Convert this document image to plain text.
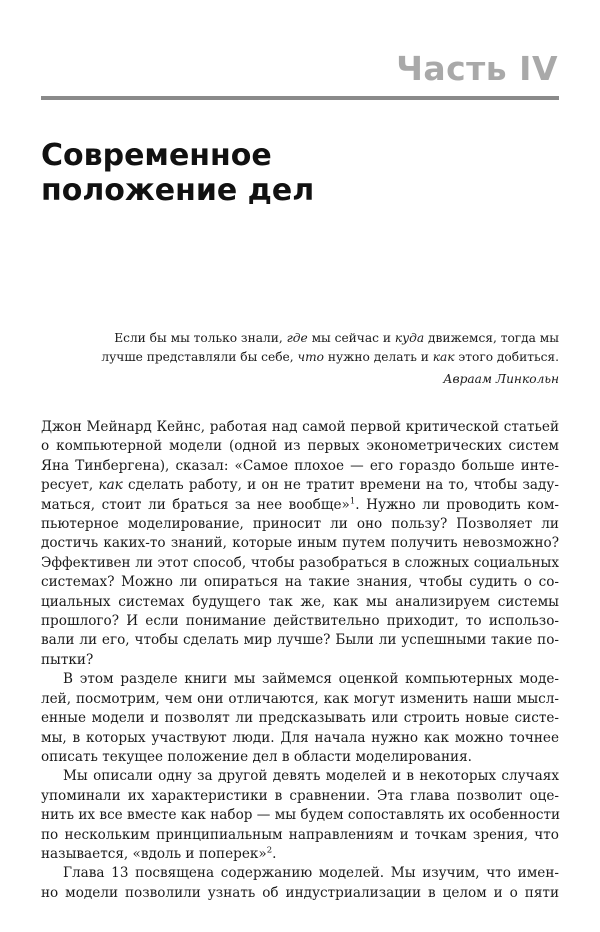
Часть IV
Современное
положение дел
Если бы мы только знали, где мы сейчас и куда движемся, тогда мы
лучше представляли бы себе, что нужно делать и как этого добиться.
Авраам Линкольн

Джон Мейнард Кейнс, работая над самой первой критической статьей
о компьютерной модели (одной из первых эконометрических систем
Яна Тинбергена), сказал: «Самое плохое — его гораздо больше инте-
ресует, как сделать работу, и он не тратит времени на то, чтобы заду-
маться, стоит ли браться за нее вообще»$^1$. Нужно ли проводить ком-
пьютерное моделирование, приносит ли оно пользу? Позволяет ли
достичь каких-то знаний, которые иным путем получить невозможно?
Эффективен ли этот способ, чтобы разобраться в сложных социальных
системах? Можно ли опираться на такие знания, чтобы судить о со-
циальных системах будущего так же, как мы анализируем системы
прошлого? И если понимание действительно приходит, то использо-
вали ли его, чтобы сделать мир лучше? Были ли успешными такие по-
пытки?

В этом разделе книги мы займемся оценкой компьютерных моде-
лей, посмотрим, чем они отличаются, как могут изменить наши мысл-
енные модели и позволят ли предсказывать или строить новые систе-
мы, в которых участвуют люди. Для начала нужно как можно точнее
описать текущее положение дел в области моделирования.

Мы описали одну за другой девять моделей и в некоторых случаях
упоминали их характеристики в сравнении. Эта глава позволит оце-
нить их все вместе как набор — мы будем сопоставлять их особенности
по нескольким принципиальным направлениям и точкам зрения, что
называется, «вдоль и поперек»$^2$.

Глава 13 посвящена содержанию моделей. Мы изучим, что имен-
но модели позволили узнать об индустриализации в целом и о пяти
